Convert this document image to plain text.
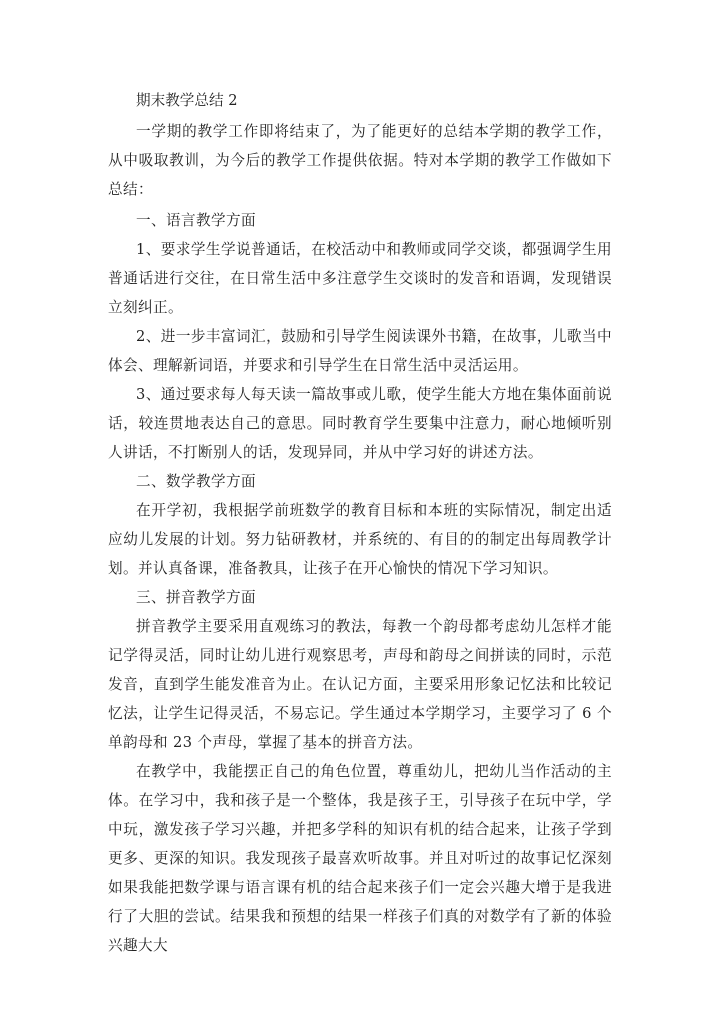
期末教学总结 2

一学期的教学工作即将结束了，为了能更好的总结本学期的教学工作，从中吸取教训，为今后的教学工作提供依据。特对本学期的教学工作做如下总结：

一、语言教学方面

1、要求学生学说普通话，在校活动中和教师或同学交谈，都强调学生用普通话进行交往，在日常生活中多注意学生交谈时的发音和语调，发现错误立刻纠正。

2、进一步丰富词汇，鼓励和引导学生阅读课外书籍，在故事，儿歌当中体会、理解新词语，并要求和引导学生在日常生活中灵活运用。

3、通过要求每人每天读一篇故事或儿歌，使学生能大方地在集体面前说话，较连贯地表达自己的意思。同时教育学生要集中注意力，耐心地倾听别人讲话，不打断别人的话，发现异同，并从中学习好的讲述方法。

二、数学教学方面

在开学初，我根据学前班数学的教育目标和本班的实际情况，制定出适应幼儿发展的计划。努力钻研教材，并系统的、有目的的制定出每周教学计划。并认真备课，准备教具，让孩子在开心愉快的情况下学习知识。

三、拼音教学方面

拼音教学主要采用直观练习的教法，每教一个韵母都考虑幼儿怎样才能记学得灵活，同时让幼儿进行观察思考，声母和韵母之间拼读的同时，示范发音，直到学生能发准音为止。在认记方面，主要采用形象记忆法和比较记忆法，让学生记得灵活，不易忘记。学生通过本学期学习，主要学习了 6 个单韵母和 23 个声母，掌握了基本的拼音方法。

在教学中，我能摆正自己的角色位置，尊重幼儿，把幼儿当作活动的主体。在学习中，我和孩子是一个整体，我是孩子王，引导孩子在玩中学，学中玩，激发孩子学习兴趣，并把多学科的知识有机的结合起来，让孩子学到更多、更深的知识。我发现孩子最喜欢听故事。并且对听过的故事记忆深刻如果我能把数学课与语言课有机的结合起来孩子们一定会兴趣大增于是我进行了大胆的尝试。结果我和预想的结果一样孩子们真的对数学有了新的体验兴趣大大
